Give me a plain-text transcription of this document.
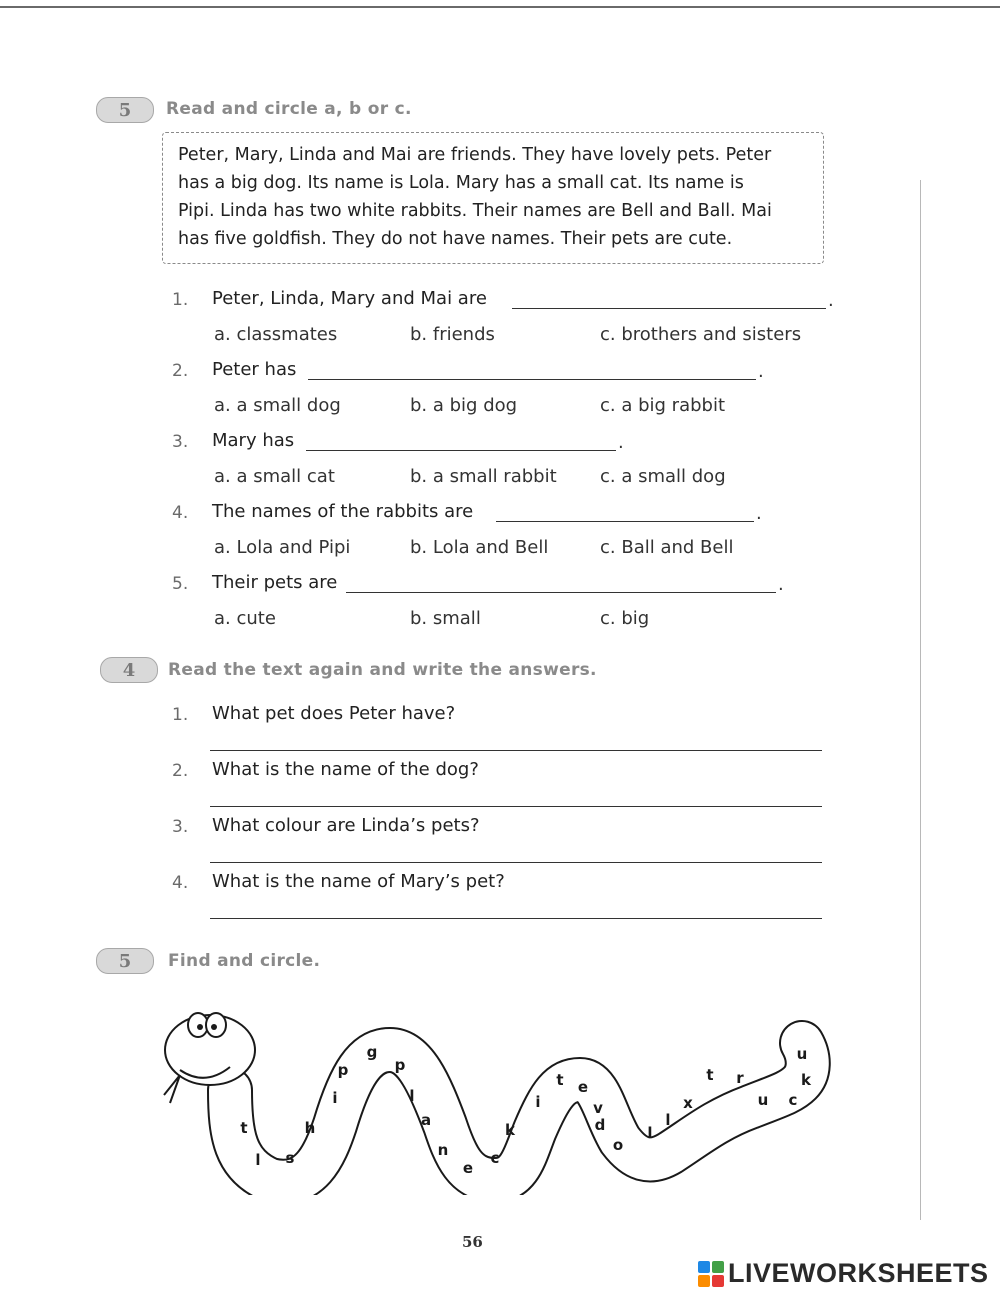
5	Read and circle a, b or c.
Peter, Mary, Linda and Mai are friends. They have lovely pets. Peter
has a big dog. Its name is Lola. Mary has a small cat. Its name is
Pipi. Linda has two white rabbits. Their names are Bell and Ball. Mai
has five goldfish. They do not have names. Their pets are cute.
1. Peter, Linda, Mary and Mai are	.
a. classmates	b. friends	c. brothers and sisters
2. Peter has	.
a. a small dog	b. a big dog	c. a big rabbit
3. Mary has	.
a. a small cat	b. a small rabbit c. a small dog
4. The names of the rabbits are	.
a. Lola and Pipi	b. Lola and Bell	c. Ball and Bell
5. Their pets are	.
a. cute	b. small	c. big
4	Read the text again and write the answers.
1. What pet does Peter have?
2. What is the name of the dog?
3. What colour are Linda’s pets?
4. What is the name of Mary’s pet?
5	Find and circle.
l s
t	h
i
p
g
p
l
a
n
e
c
k
i
t e
v
d
o
l
l
x
t r
u c
k
u
56
LIVEWORKSHEETS
